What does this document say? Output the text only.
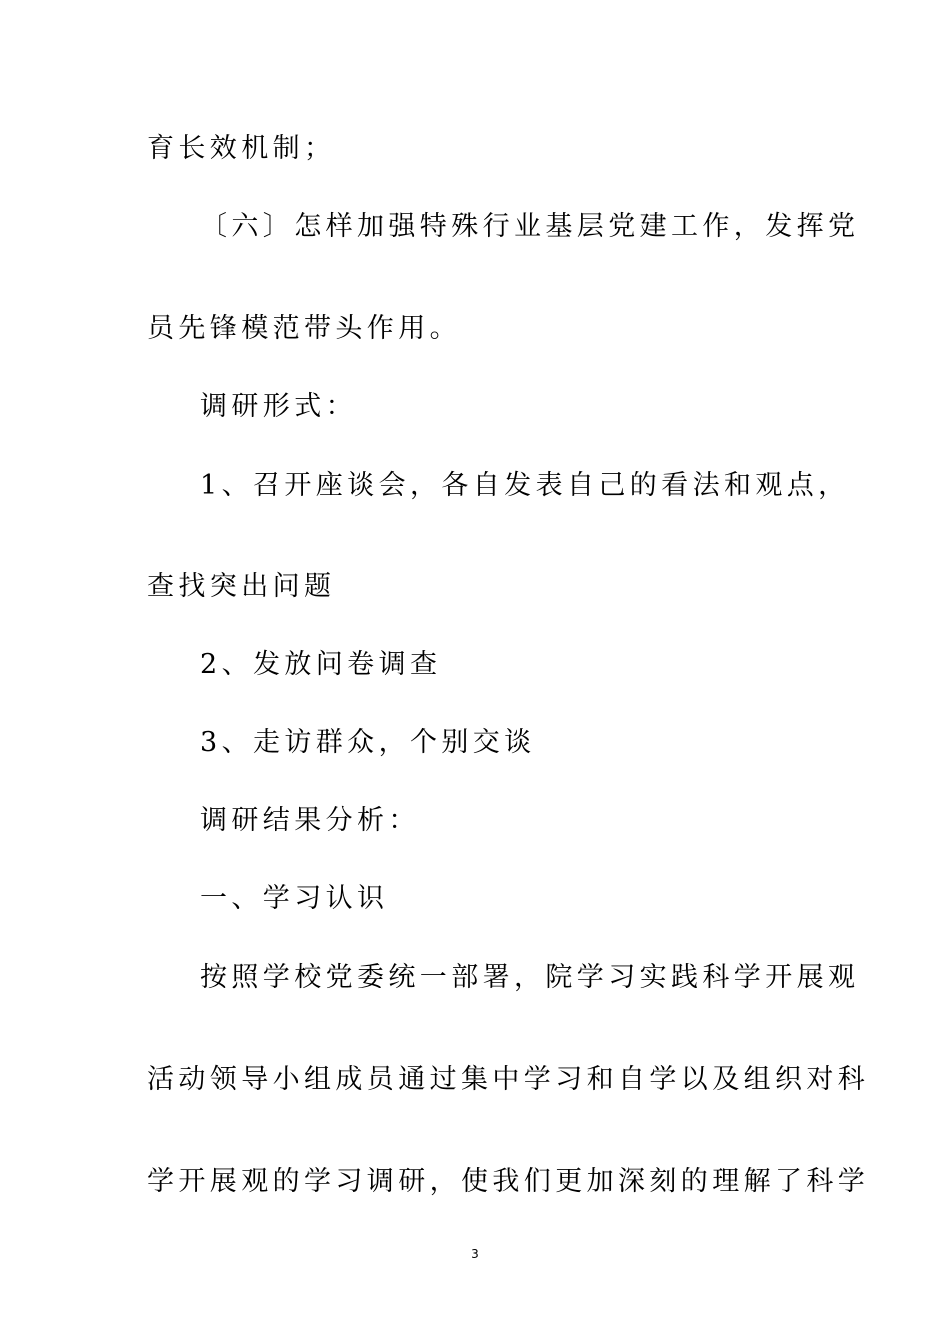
育长效机制；
〔六〕怎样加强特殊行业基层党建工作，发挥党
员先锋模范带头作用。
调研形式：
1、召开座谈会，各自发表自己的看法和观点，
查找突出问题
2、发放问卷调查
3、走访群众，个别交谈
调研结果分析：
一、学习认识
按照学校党委统一部署，院学习实践科学开展观
活动领导小组成员通过集中学习和自学以及组织对科
学开展观的学习调研，使我们更加深刻的理解了科学
3
